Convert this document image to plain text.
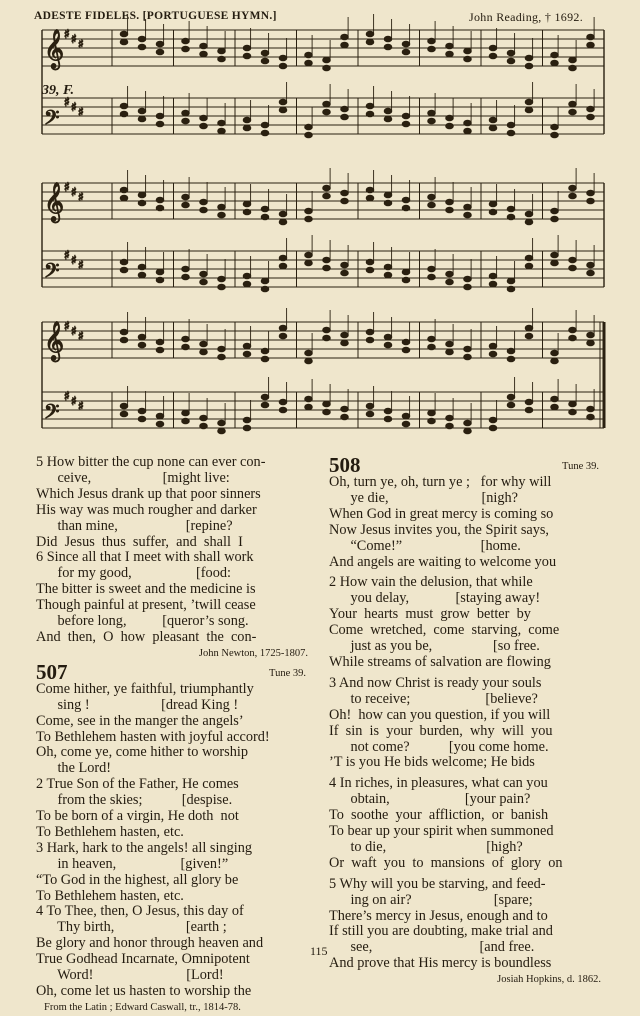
ADESTE FIDELES. [PORTUGUESE HYMN.]	John Reading, † 1692.
39, F.
♯ ♯ ♯
𝄞
♯ ♯ ♯
𝄢
♯ ♯ ♯
𝄞
♯ ♯ ♯
𝄢
♯ ♯ ♯
𝄞
♯ ♯ ♯
𝄢

5 How bitter the cup none can ever con-

ceive,                    [might live:

Which Jesus drank up that poor sinners

His way was much rougher and darker

than mine,                   [repine?

Did  Jesus  thus  suffer,  and  shall  I

6 Since all that I meet with shall work

for my good,                  [food:

The bitter is sweet and the medicine is

Though painful at present, ’twill cease

before long,          [queror’s song.

And  then,  O  how  pleasant  the  con-

John Newton, 1725-1807.

507	Tune 39.

Come hither, ye faithful, triumphantly

sing !                    [dread King !

Come, see in the manger the angels’

To Bethlehem hasten with joyful accord!

Oh, come ye, come hither to worship

the Lord!

2 True Son of the Father, He comes

from the skies;           [despise.

To be born of a virgin, He doth  not

To Bethlehem hasten, etc.

3 Hark, hark to the angels! all singing

in heaven,                  [given!”

“To God in the highest, all glory be

To Bethlehem hasten, etc.

4 To Thee, then, O Jesus, this day of

Thy birth,                    [earth ;

Be glory and honor through heaven and

True Godhead Incarnate, Omnipotent

Word!                          [Lord!

Oh, come let us hasten to worship the

From the Latin ; Edward Caswall, tr., 1814-78.

508	Tune 39.

Oh, turn ye, oh, turn ye ;   for why will

ye die,                          [nigh?

When God in great mercy is coming so

Now Jesus invites you, the Spirit says,

“Come!”                      [home.

And angels are waiting to welcome you

2 How vain the delusion, that while

you delay,             [staying away!

Your  hearts  must  grow  better  by

Come  wretched,  come  starving,  come

just as you be,                 [so free.

While streams of salvation are flowing

3 And now Christ is ready your souls

to receive;                     [believe?

Oh!  how can you question, if you will

If  sin  is  your  burden,  why  will  you

not come?           [you come home.

’T is you He bids welcome; He bids

4 In riches, in pleasures, what can you

obtain,                     [your pain?

To  soothe  your  affliction,  or  banish

To bear up your spirit when summoned

to die,                            [high?

Or  waft  you  to  mansions  of  glory  on

5 Why will you be starving, and feed-

ing on air?                       [spare;

There’s mercy in Jesus, enough and to

If still you are doubting, make trial and

see,                              [and free.

And prove that His mercy is boundless

Josiah Hopkins, d. 1862.

115
